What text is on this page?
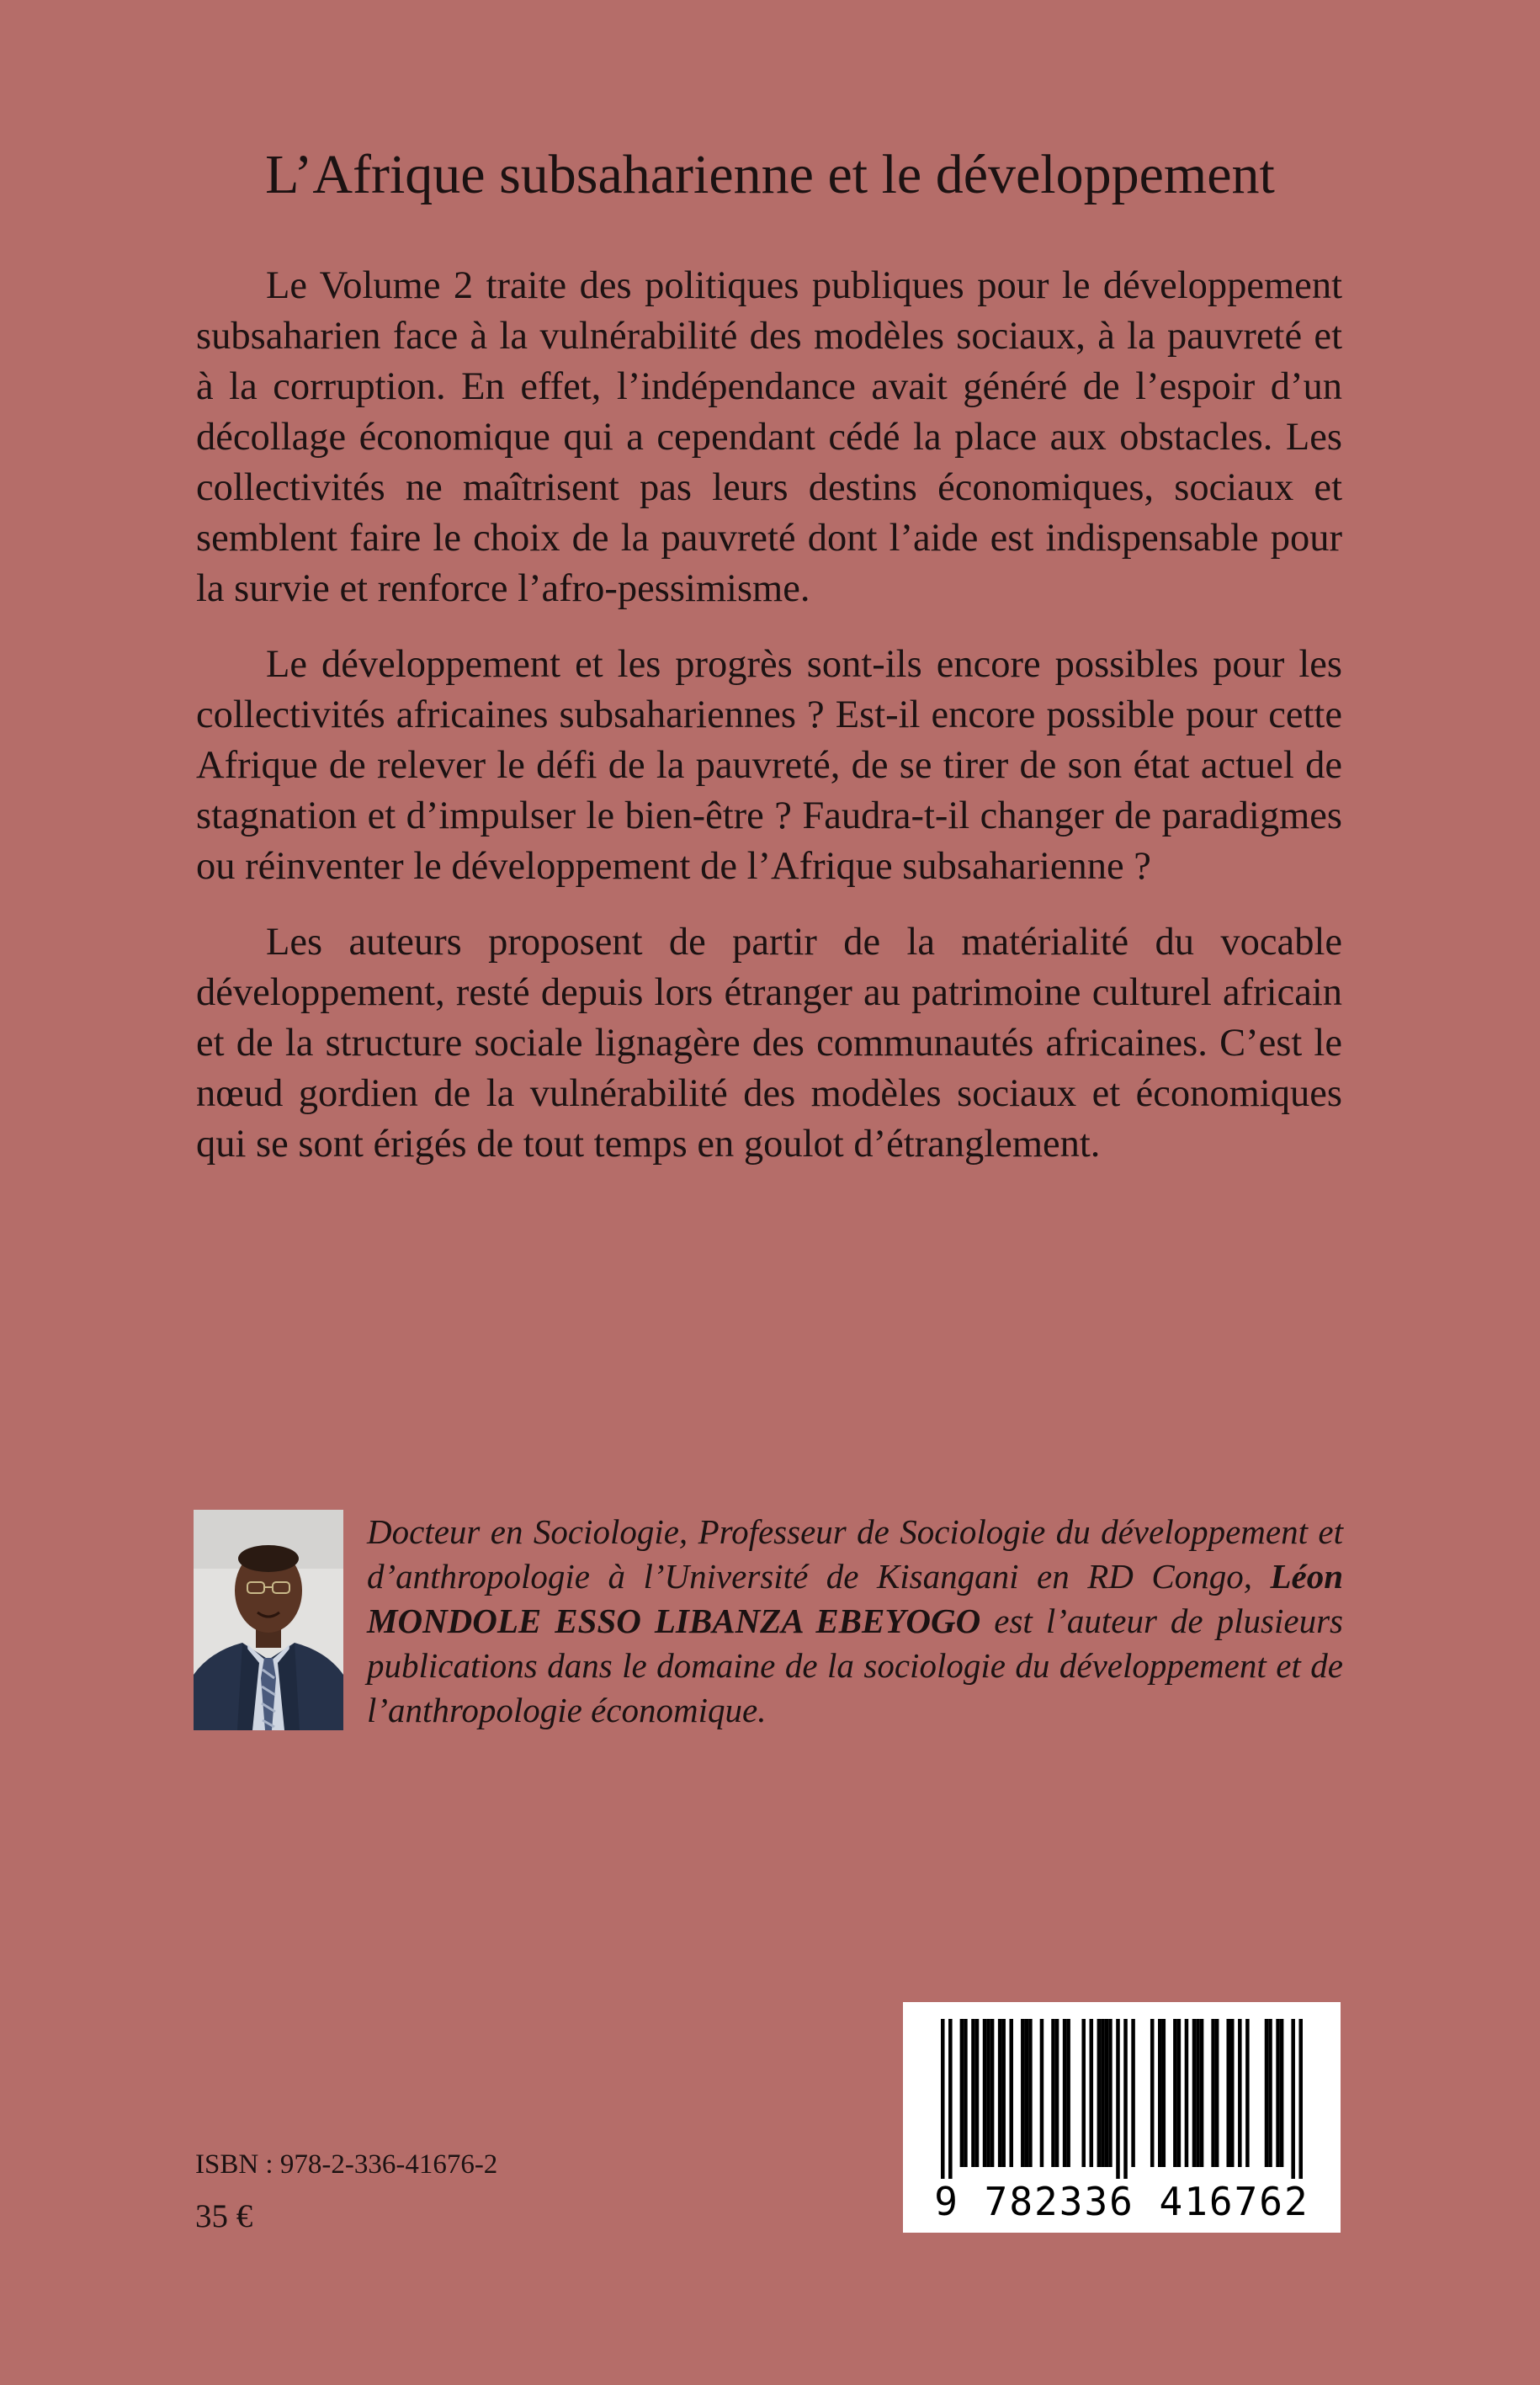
L’Afrique subsaharienne et le développement

Le Volume 2 traite des politiques publiques pour le développement subsaharien face à la vulnérabilité des modèles sociaux, à la pauvreté et à la corruption. En effet, l’indépendance avait généré de l’espoir d’un décollage économique qui a cependant cédé la place aux obstacles. Les collectivités ne maîtrisent pas leurs destins économiques, sociaux et semblent faire le choix de la pauvreté dont l’aide est indispensable pour la survie et renforce l’afro-pessimisme.

Le développement et les progrès sont-ils encore possibles pour les collectivités africaines subsahariennes ? Est-il encore possible pour cette Afrique de relever le défi de la pauvreté, de se tirer de son état actuel de stagnation et d’impulser le bien-être ? Faudra-t-il changer de paradigmes ou réinventer le développement de l’Afrique subsaharienne ?

Les auteurs proposent de partir de la matérialité du vocable développement, resté depuis lors étranger au patrimoine culturel africain et de la structure sociale lignagère des communautés africaines. C’est le nœud gordien de la vulnérabilité des modèles sociaux et économiques qui se sont érigés de tout temps en goulot d’étranglement.

Docteur en Sociologie, Professeur de Sociologie du développement et d’anthropologie à l’Université de Kisangani en RD Congo, Léon MONDOLE ESSO LIBANZA EBEYOGO est l’auteur de plusieurs publications dans le domaine de la sociologie du développement et de l’anthropologie économique.
ISBN : 978-2-336-41676-2
35 €	9 782336 416762
